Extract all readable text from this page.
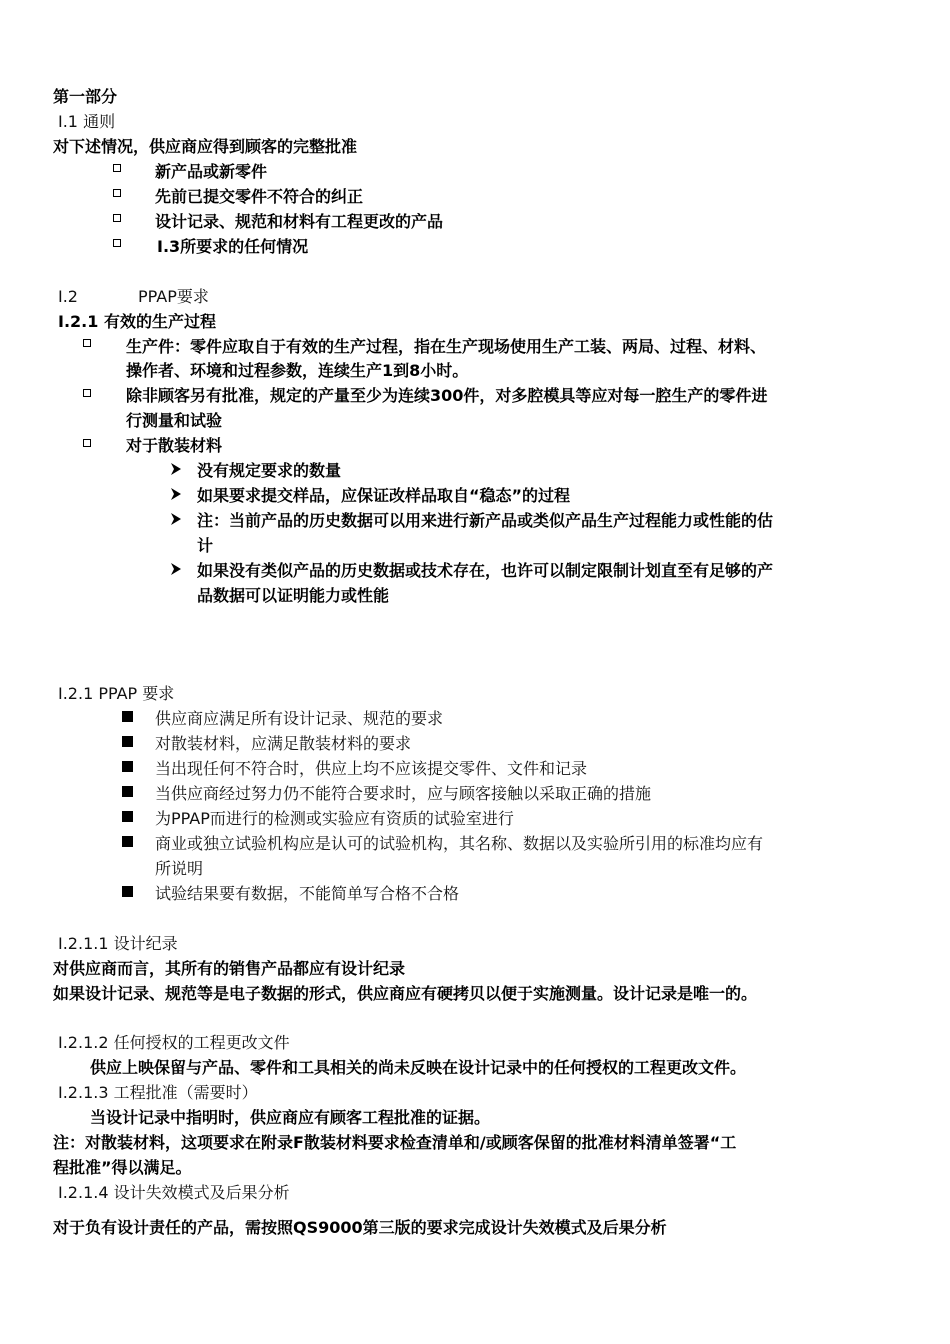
第一部分
Ⅰ.1 通则
对下述情况，供应商应得到顾客的完整批准
新产品或新零件
先前已提交零件不符合的纠正
设计记录、规范和材料有工程更改的产品
Ⅰ.3所要求的任何情况
Ⅰ.2	PPAP要求
Ⅰ.2.1 有效的生产过程
生产件：零件应取自于有效的生产过程，指在生产现场使用生产工装、两局、过程、材料、
操作者、环境和过程参数，连续生产1到8小时。
除非顾客另有批准，规定的产量至少为连续300件，对多腔模具等应对每一腔生产的零件进
行测量和试验
对于散装材料
没有规定要求的数量
如果要求提交样品，应保证改样品取自“稳态”的过程
注：当前产品的历史数据可以用来进行新产品或类似产品生产过程能力或性能的估
计
如果没有类似产品的历史数据或技术存在，也许可以制定限制计划直至有足够的产
品数据可以证明能力或性能
Ⅰ.2.1 PPAP 要求
供应商应满足所有设计记录、规范的要求
对散装材料，应满足散装材料的要求
当出现任何不符合时，供应上均不应该提交零件、文件和记录
当供应商经过努力仍不能符合要求时，应与顾客接触以采取正确的措施
为PPAP而进行的检测或实验应有资质的试验室进行
商业或独立试验机构应是认可的试验机构，其名称、数据以及实验所引用的标准均应有
所说明
试验结果要有数据，不能简单写合格不合格
Ⅰ.2.1.1 设计纪录
对供应商而言，其所有的销售产品都应有设计纪录
如果设计记录、规范等是电子数据的形式，供应商应有硬拷贝以便于实施测量。设计记录是唯一的。
Ⅰ.2.1.2 任何授权的工程更改文件
供应上映保留与产品、零件和工具相关的尚未反映在设计记录中的任何授权的工程更改文件。
Ⅰ.2.1.3 工程批准（需要时）
当设计记录中指明时，供应商应有顾客工程批准的证据。
注：对散装材料，这项要求在附录F散装材料要求检查清单和/或顾客保留的批准材料清单签署“工
程批准”得以满足。
Ⅰ.2.1.4 设计失效模式及后果分析
对于负有设计责任的产品，需按照QS9000第三版的要求完成设计失效模式及后果分析
